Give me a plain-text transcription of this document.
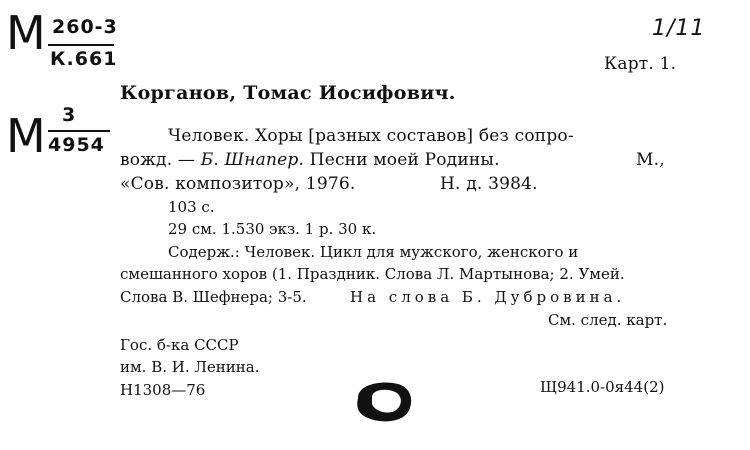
М 260-3
К.661
М 3
4954
1/11
Карт. 1.
Корганов, Томас Иосифович.
Человек. Хоры [разных составов] без сопро-
вожд. — Б. Шнапер. Песни моей Родины.	М.,
«Сов. композитор», 1976.	Н. д. 3984.
103 с.
29 см. 1.530 экз. 1 р. 30 к.
Содерж.: Человек. Цикл для мужского, женского и
смешанного хоров (1. Праздник. Слова Л. Мартынова; 2. Умей.
Слова В. Шефнера; 3-5.	На слова Б. Дубровина.
См. след. карт.
Гос. б-ка СССР
им. В. И. Ленина.
Н1308—76	Щ941.0-0я44(2)
